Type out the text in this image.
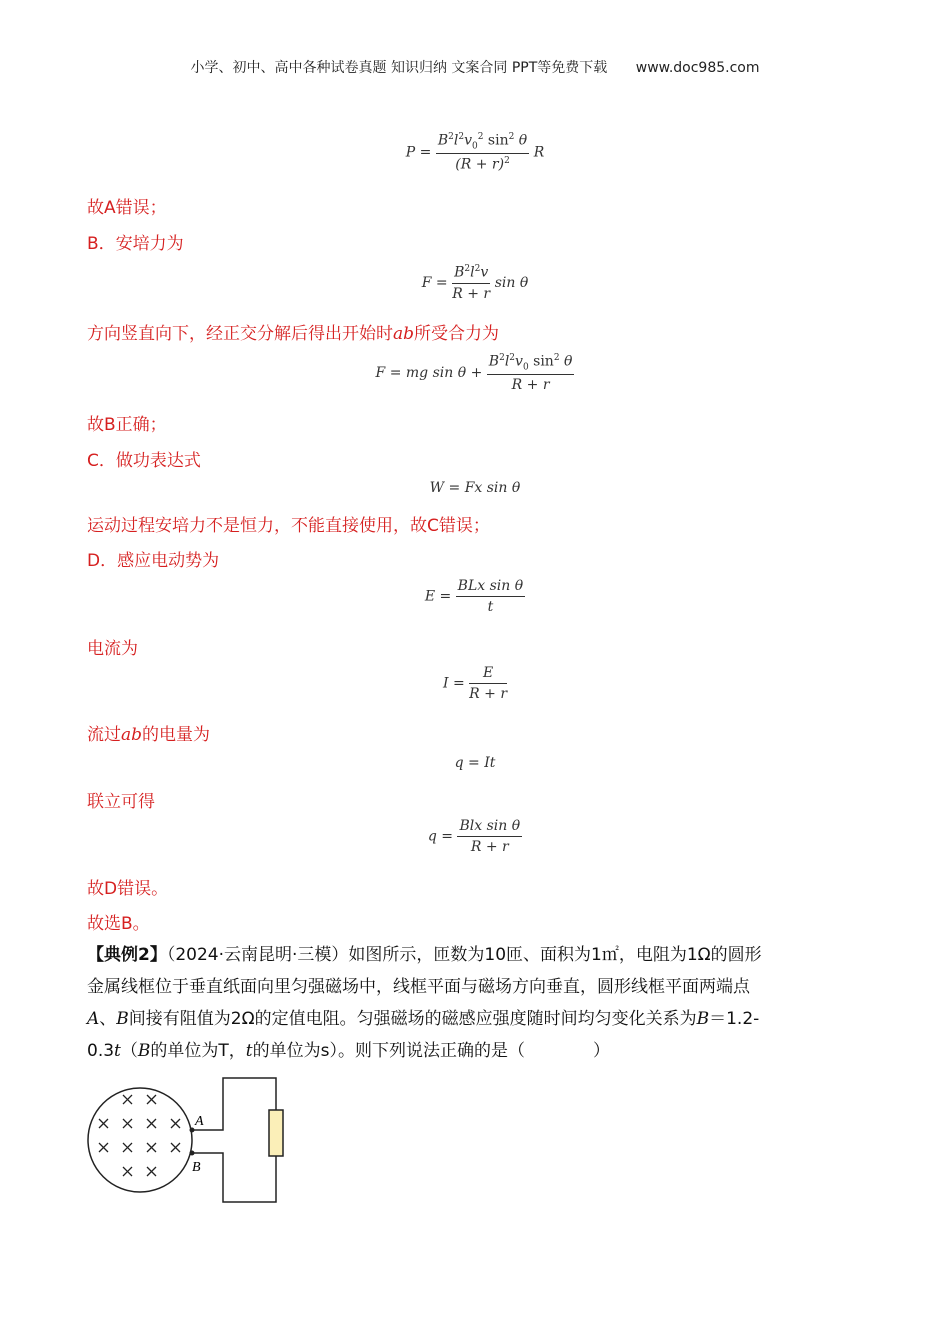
小学、初中、高中各种试卷真题 知识归纳 文案合同 PPT等免费下载 www.doc985.com
$P = \frac{B^2l^2v_0^2 \sin^2 \theta}{(R + r)^2}$ R
故A错误；
B．安培力为
$F = \frac{B^2l^2v}{R + r}$ sin θ
方向竖直向下，经正交分解后得出开始时ab所受合力为
F = mg $\sin \theta + \frac{B^2l^2v_0 \sin^2 \theta}{R + r}$
故B正确；
C．做功表达式
W = Fx sin θ
运动过程安培力不是恒力，不能直接使用，故C错误；
D．感应电动势为
$E = \frac{\text{BLx sin θ}}{t}$
电流为
$I = \frac{E}{R + r}$
流过ab的电量为
q = It
联立可得
$q = \frac{\text{Blx sin θ}}{R + r}$
故D错误。
故选B。
【典例2】（2024·云南昆明·三模）如图所示，匝数为10匝、面积为1㎡，电阻为1Ω的圆形
金属线框位于垂直纸面向里匀强磁场中，线框平面与磁场方向垂直，圆形线框平面两端点
A、B间接有阻值为2Ω的定值电阻。匀强磁场的磁感应强度随时间均匀变化关系为B＝1.2-
0.3t（B的单位为T，t的单位为s）。则下列说法正确的是（　　　　）
A
B
